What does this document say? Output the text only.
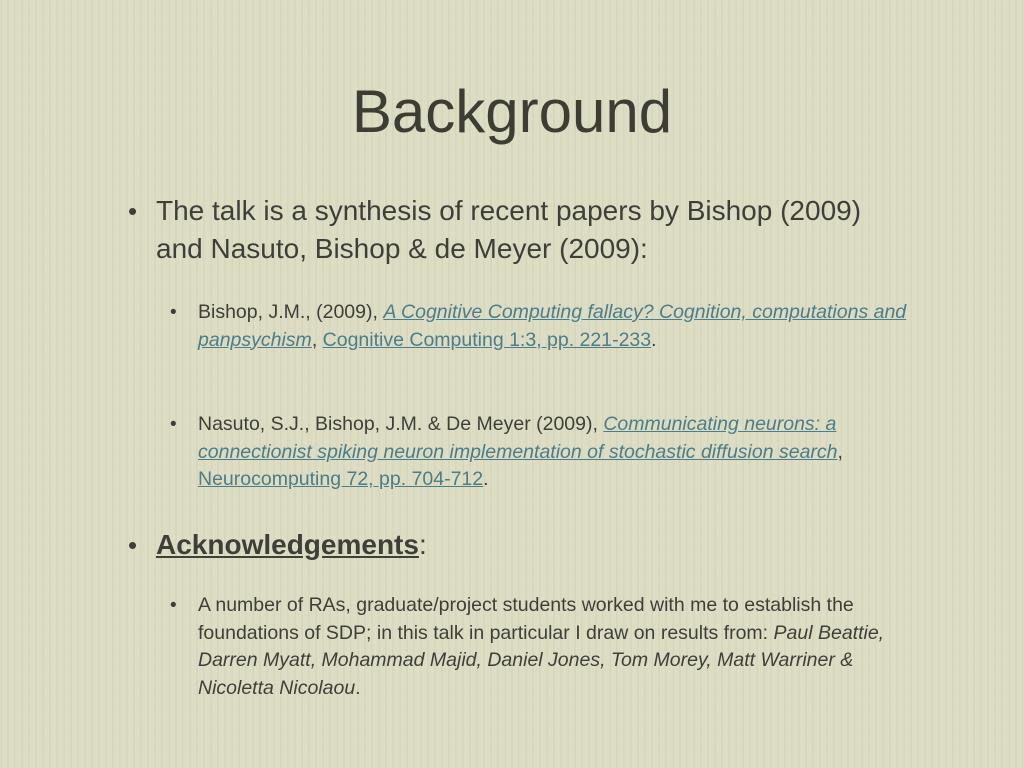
Background
• The talk is a synthesis of recent papers by Bishop (2009) and Nasuto, Bishop & de Meyer (2009):
• Bishop, J.M., (2009), A Cognitive Computing fallacy? Cognition, computations and panpsychism, Cognitive Computing 1:3, pp. 221-233.
• Nasuto, S.J., Bishop, J.M. & De Meyer (2009), Communicating neurons: a connectionist spiking neuron implementation of stochastic diffusion search, Neurocomputing 72, pp. 704-712.
• Acknowledgements:
• A number of RAs, graduate/project students worked with me to establish the foundations of SDP; in this talk in particular I draw on results from: Paul Beattie, Darren Myatt, Mohammad Majid, Daniel Jones, Tom Morey, Matt Warriner & Nicoletta Nicolaou.
